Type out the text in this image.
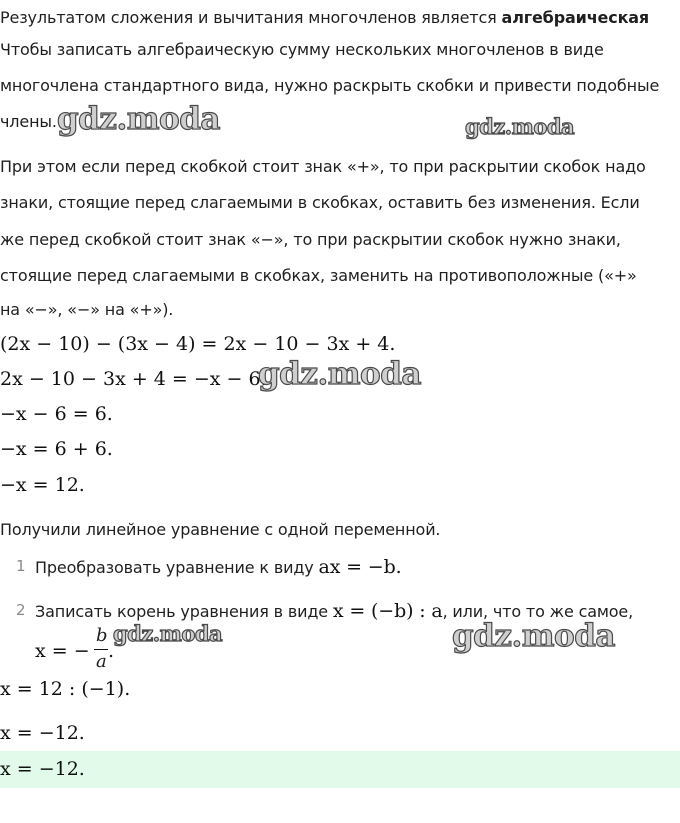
Результатом сложения и вычитания многочленов является алгебраическая
Чтобы записать алгебраическую сумму нескольких многочленов в виде
многочлена стандартного вида, нужно раскрыть скобки и привести подобные
члены.
При этом если перед скобкой стоит знак «+», то при раскрытии скобок надо
знаки, стоящие перед слагаемыми в скобках, оставить без изменения. Если
же перед скобкой стоит знак «−», то при раскрытии скобок нужно знаки,
стоящие перед слагаемыми в скобках, заменить на противоположные («+»
на «−», «−» на «+»).
(2x − 10) − (3x − 4) = 2x − 10 − 3x + 4.
2x − 10 − 3x + 4 = −x − 6.
−x − 6 = 6.
−x = 6 + 6.
−x = 12.
Получили линейное уравнение с одной переменной.
1 Преобразовать уравнение к виду ax = −b.
2 Записать корень уравнения в виде x = (−b) : a, или, что то же самое,
x = −
b
a .
x = 12 : (−1).
x = −12.
x = −12.
gdz.moda	gdz.moda
gdz.moda
gdz.moda	gdz.moda
